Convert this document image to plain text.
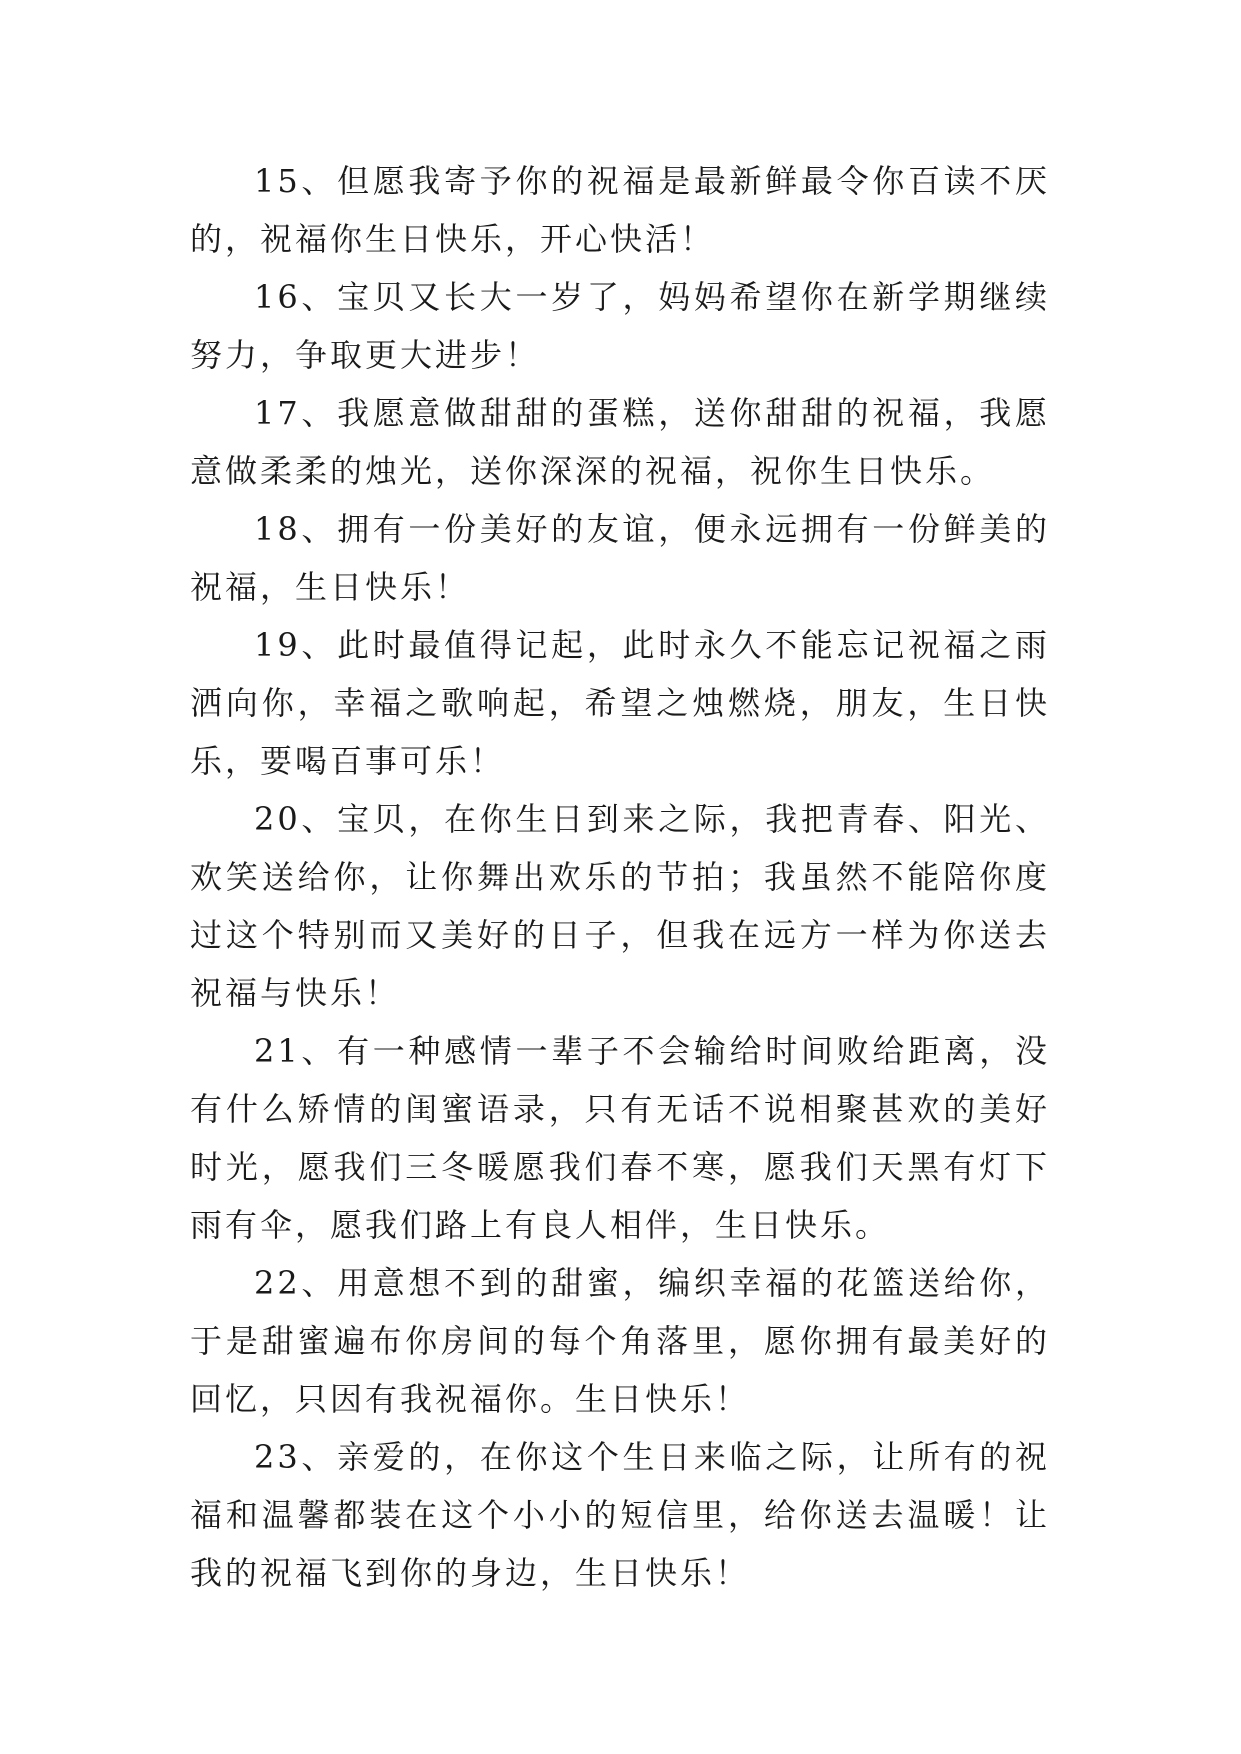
15、但愿我寄予你的祝福是最新鲜最令你百读不厌的，祝福你生日快乐，开心快活！

16、宝贝又长大一岁了，妈妈希望你在新学期继续努力，争取更大进步！

17、我愿意做甜甜的蛋糕，送你甜甜的祝福，我愿意做柔柔的烛光，送你深深的祝福，祝你生日快乐。

18、拥有一份美好的友谊，便永远拥有一份鲜美的祝福，生日快乐！

19、此时最值得记起，此时永久不能忘记祝福之雨洒向你，幸福之歌响起，希望之烛燃烧，朋友，生日快乐，要喝百事可乐！

20、宝贝，在你生日到来之际，我把青春、阳光、欢笑送给你，让你舞出欢乐的节拍；我虽然不能陪你度过这个特别而又美好的日子，但我在远方一样为你送去祝福与快乐！

21、有一种感情一辈子不会输给时间败给距离，没有什么矫情的闺蜜语录，只有无话不说相聚甚欢的美好时光，愿我们三冬暖愿我们春不寒，愿我们天黑有灯下雨有伞，愿我们路上有良人相伴，生日快乐。

22、用意想不到的甜蜜，编织幸福的花篮送给你，于是甜蜜遍布你房间的每个角落里，愿你拥有最美好的回忆，只因有我祝福你。生日快乐！

23、亲爱的，在你这个生日来临之际，让所有的祝福和温馨都装在这个小小的短信里，给你送去温暖！让我的祝福飞到你的身边，生日快乐！
